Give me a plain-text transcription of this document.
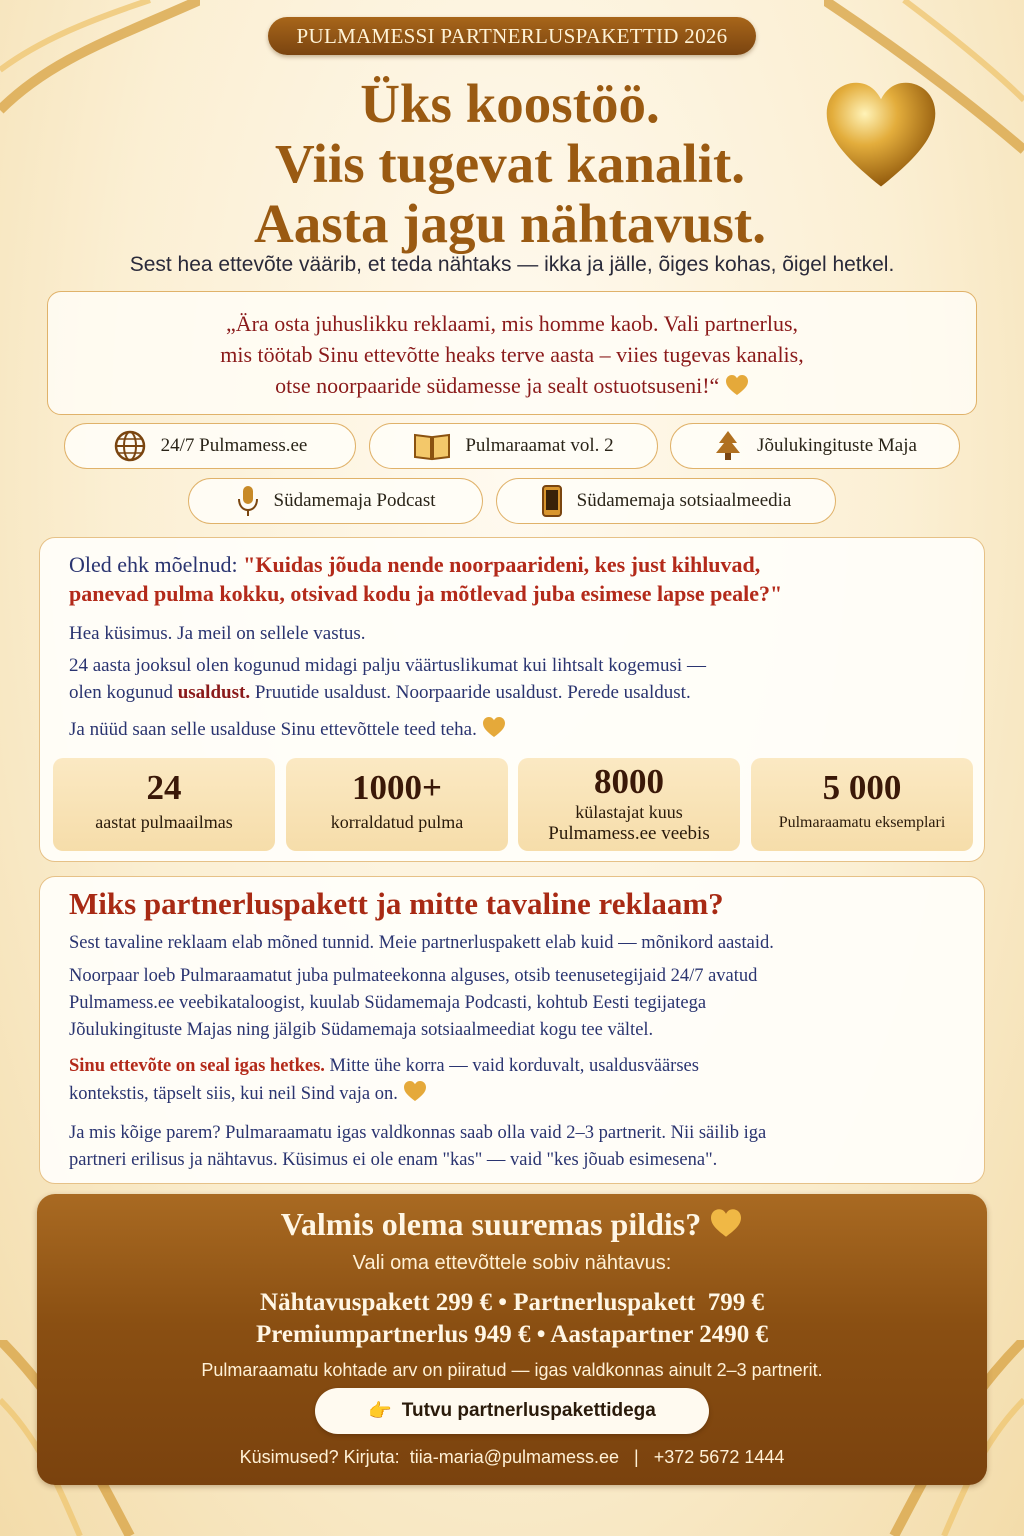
PULMAMESSI PARTNERLUSPAKETTID 2026
Üks koostöö.
Viis tugevat kanalit.
Aasta jagu nähtavust.
Sest hea ettevõte väärib, et teda nähtaks — ikka ja jälle, õiges kohas, õigel hetkel.
„Ära osta juhuslikku reklaami, mis homme kaob. Vali partnerlus,
mis töötab Sinu ettevõtte heaks terve aasta – viies tugevas kanalis,
otse noorpaaride südamesse ja sealt ostuotsuseni!“
24/7 Pulmamess.ee	Pulmaraamat vol. 2	Jõulukingituste Maja
Südamemaja Podcast	Südamemaja sotsiaalmeedia
Oled ehk mõelnud: "Kuidas jõuda nende noorpaarideni, kes just kihluvad,
panevad pulma kokku, otsivad kodu ja mõtlevad juba esimese lapse peale?"
Hea küsimus. Ja meil on sellele vastus.
24 aasta jooksul olen kogunud midagi palju väärtuslikumat kui lihtsalt kogemusi —
olen kogunud usaldust. Pruutide usaldust. Noorpaaride usaldust. Perede usaldust.
Ja nüüd saan selle usalduse Sinu ettevõttele teed teha.
24
aastat pulmaailmas
1000+
korraldatud pulma
8000
külastajat kuus
Pulmamess.ee veebis
5 000
Pulmaraamatu eksemplari
Miks partnerluspakett ja mitte tavaline reklaam?
Sest tavaline reklaam elab mõned tunnid. Meie partnerluspakett elab kuid — mõnikord aastaid.
Noorpaar loeb Pulmaraamatut juba pulmateekonna alguses, otsib teenusetegijaid 24/7 avatud
Pulmamess.ee veebikataloogist, kuulab Südamemaja Podcasti, kohtub Eesti tegijatega
Jõulukingituste Majas ning jälgib Südamemaja sotsiaalmeediat kogu tee vältel.
Sinu ettevõte on seal igas hetkes. Mitte ühe korra — vaid korduvalt, usaldusväärses
kontekstis, täpselt siis, kui neil Sind vaja on.
Ja mis kõige parem? Pulmaraamatu igas valdkonnas saab olla vaid 2–3 partnerit. Nii säilib iga
partneri erilisus ja nähtavus. Küsimus ei ole enam "kas" — vaid "kes jõuab esimesena".
Valmis olema suuremas pildis?
Vali oma ettevõttele sobiv nähtavus:
Nähtavuspakett 299 € • Partnerluspakett  799 €
Premiumpartnerlus 949 € • Aastapartner 2490 €
Pulmaraamatu kohtade arv on piiratud — igas valdkonnas ainult 2–3 partnerit.
👉 Tutvu partnerluspakettidega
Küsimused? Kirjuta: tiia-maria@pulmamess.ee | +372 5672 1444
